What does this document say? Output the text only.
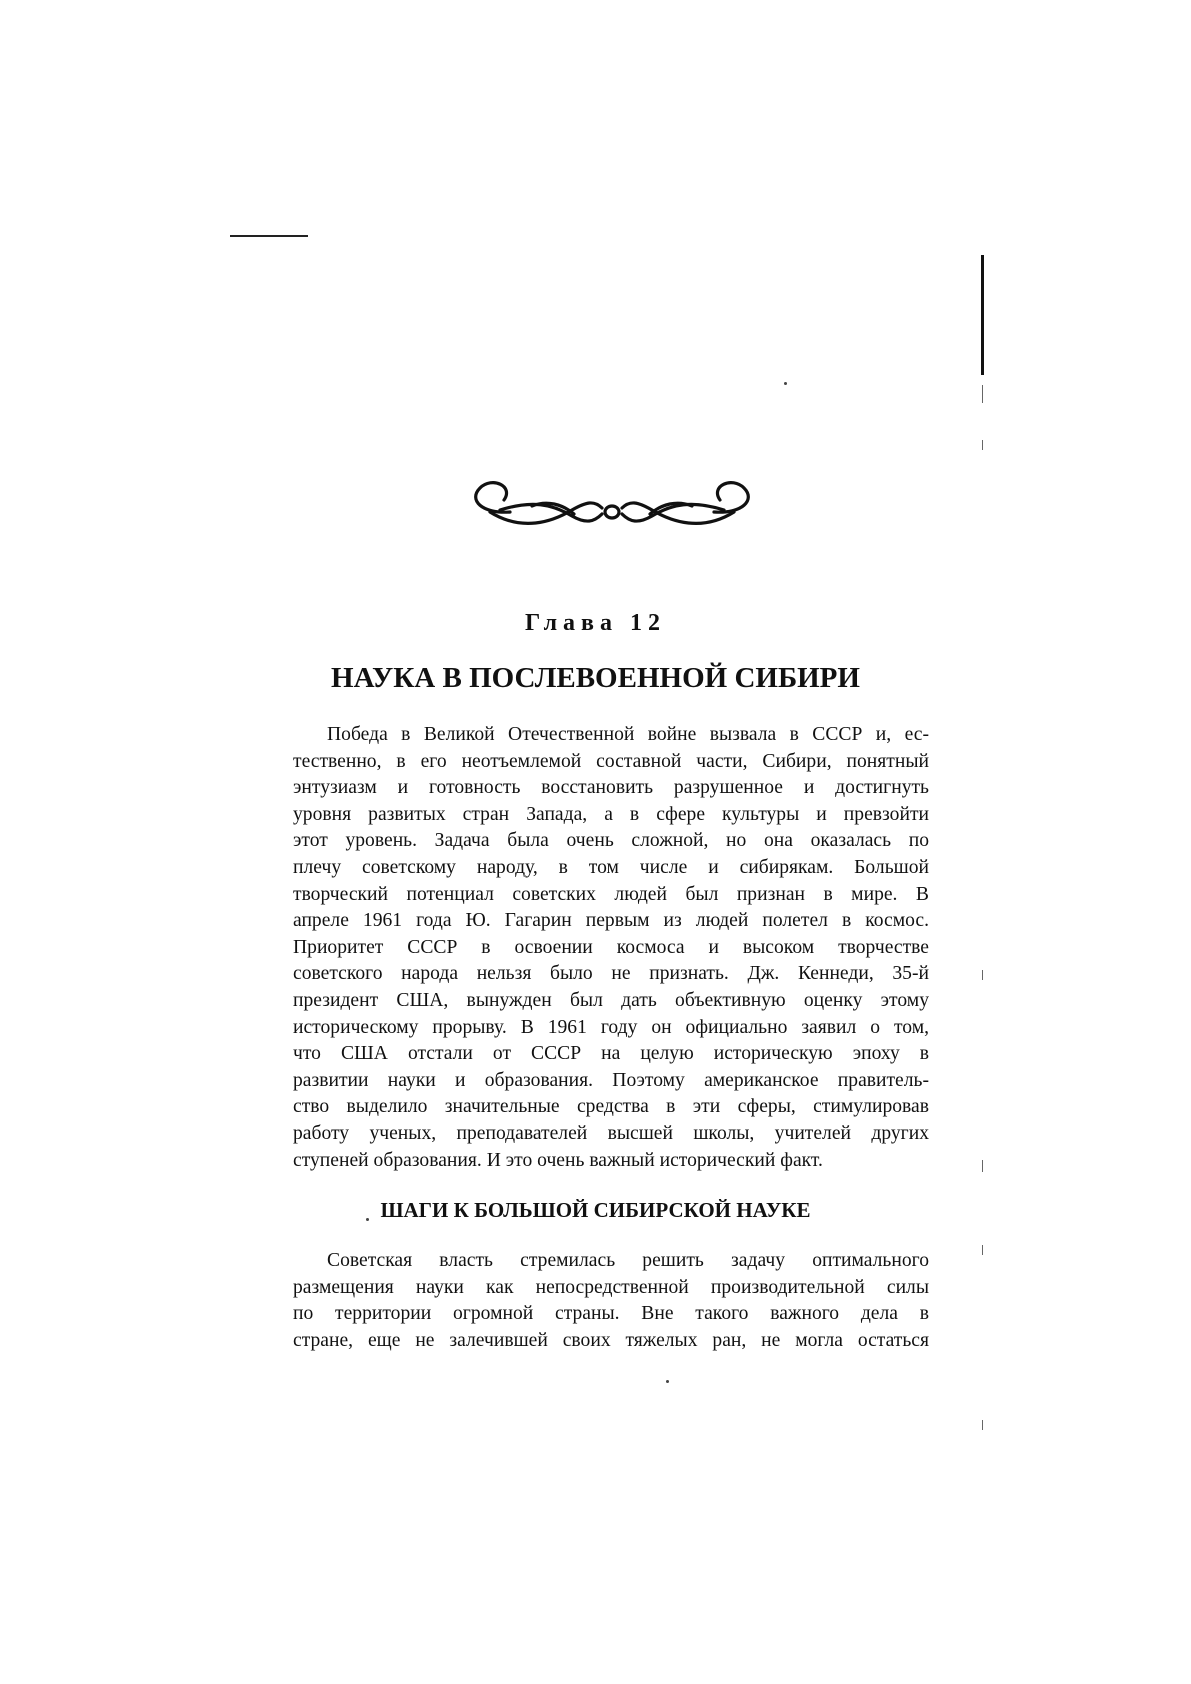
Глава 12
НАУКА В ПОСЛЕВОЕННОЙ СИБИРИ
Победа в Великой Отечественной войне вызвала в СССР и, ес-
тественно, в его неотъемлемой составной части, Сибири, понятный
энтузиазм и готовность восстановить разрушенное и достигнуть
уровня развитых стран Запада, а в сфере культуры и превзойти
этот уровень. Задача была очень сложной, но она оказалась по
плечу советскому народу, в том числе и сибирякам. Большой
творческий потенциал советских людей был признан в мире. В
апреле 1961 года Ю. Гагарин первым из людей полетел в космос.
Приоритет СССР в освоении космоса и высоком творчестве
советского народа нельзя было не признать. Дж. Кеннеди, 35-й
президент США, вынужден был дать объективную оценку этому
историческому прорыву. В 1961 году он официально заявил о том,
что США отстали от СССР на целую историческую эпоху в
развитии науки и образования. Поэтому американское правитель-
ство выделило значительные средства в эти сферы, стимулировав
работу ученых, преподавателей высшей школы, учителей других
ступеней образования. И это очень важный исторический факт.
ШАГИ К БОЛЬШОЙ СИБИРСКОЙ НАУКЕ
Советская власть стремилась решить задачу оптимального
размещения науки как непосредственной производительной силы
по территории огромной страны. Вне такого важного дела в
стране, еще не залечившей своих тяжелых ран, не могла остаться
